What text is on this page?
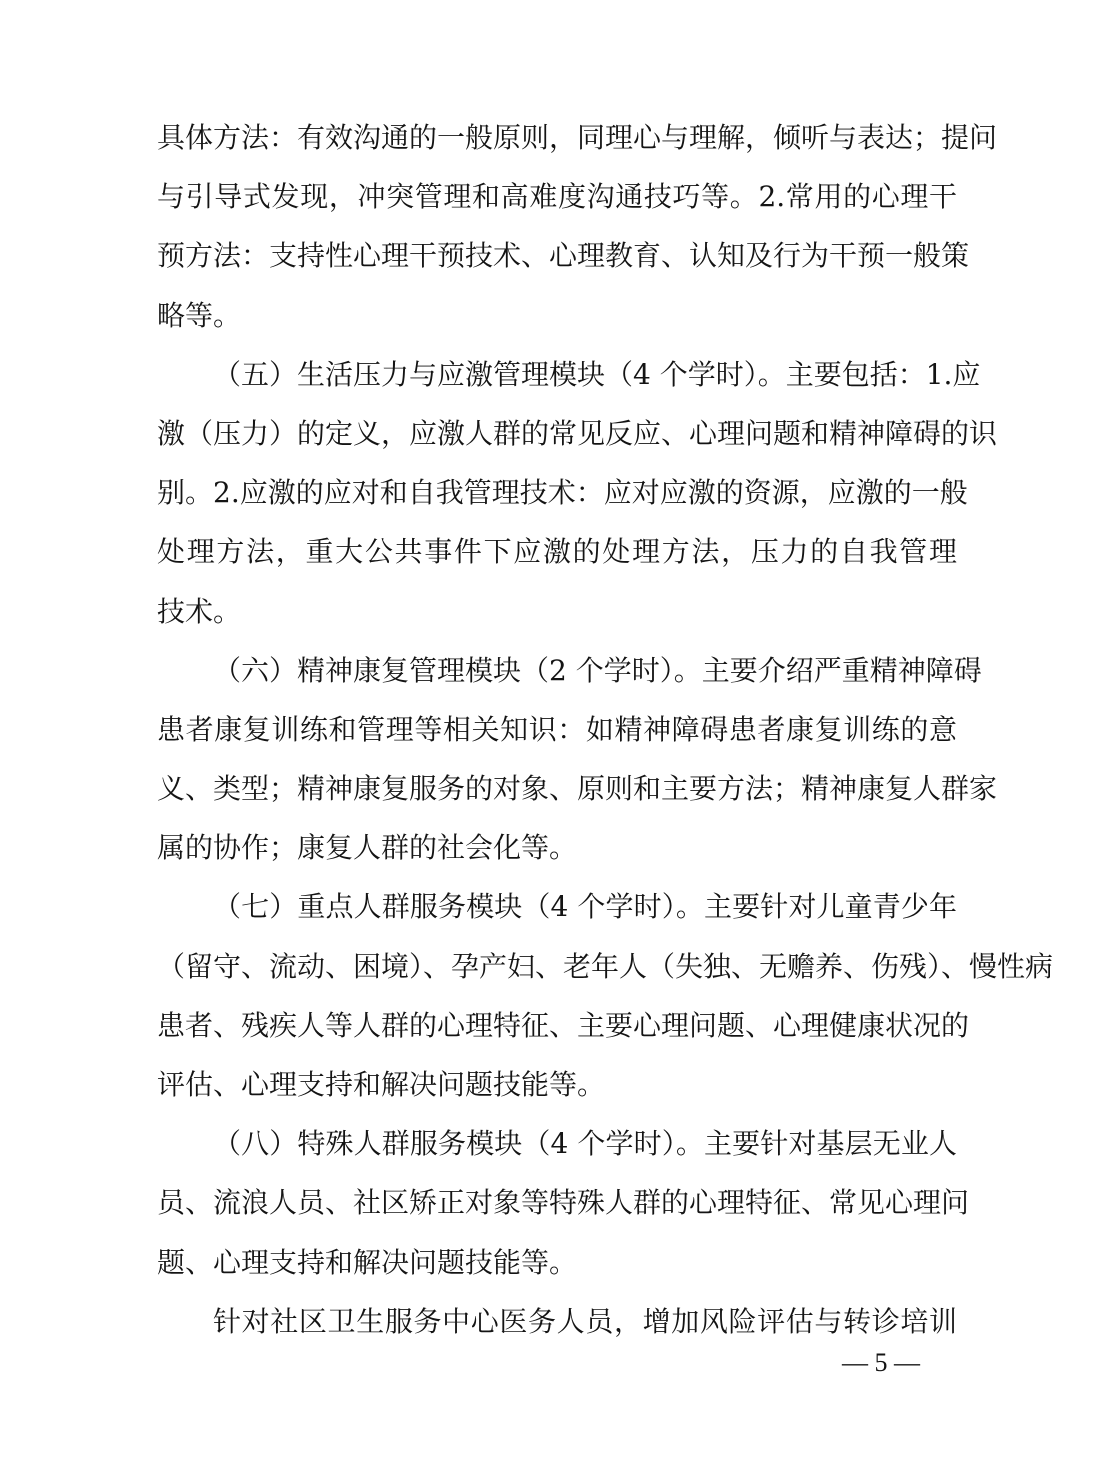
具体方法：有效沟通的一般原则，同理心与理解，倾听与表达；提问
与引导式发现，冲突管理和高难度沟通技巧等。2.常用的心理干
预方法：支持性心理干预技术、心理教育、认知及行为干预一般策
略等。
（五）生活压力与应激管理模块（4 个学时）。主要包括：1.应
激（压力）的定义，应激人群的常见反应、心理问题和精神障碍的识
别。2.应激的应对和自我管理技术：应对应激的资源，应激的一般
处理方法，重大公共事件下应激的处理方法，压力的自我管理
技术。
（六）精神康复管理模块（2 个学时）。主要介绍严重精神障碍
患者康复训练和管理等相关知识：如精神障碍患者康复训练的意
义、类型；精神康复服务的对象、原则和主要方法；精神康复人群家
属的协作；康复人群的社会化等。
（七）重点人群服务模块（4 个学时）。主要针对儿童青少年
（留守、流动、困境）、孕产妇、老年人（失独、无赡养、伤残）、慢性病
患者、残疾人等人群的心理特征、主要心理问题、心理健康状况的
评估、心理支持和解决问题技能等。
（八）特殊人群服务模块（4 个学时）。主要针对基层无业人
员、流浪人员、社区矫正对象等特殊人群的心理特征、常见心理问
题、心理支持和解决问题技能等。
针对社区卫生服务中心医务人员，增加风险评估与转诊培训
— 5 —
